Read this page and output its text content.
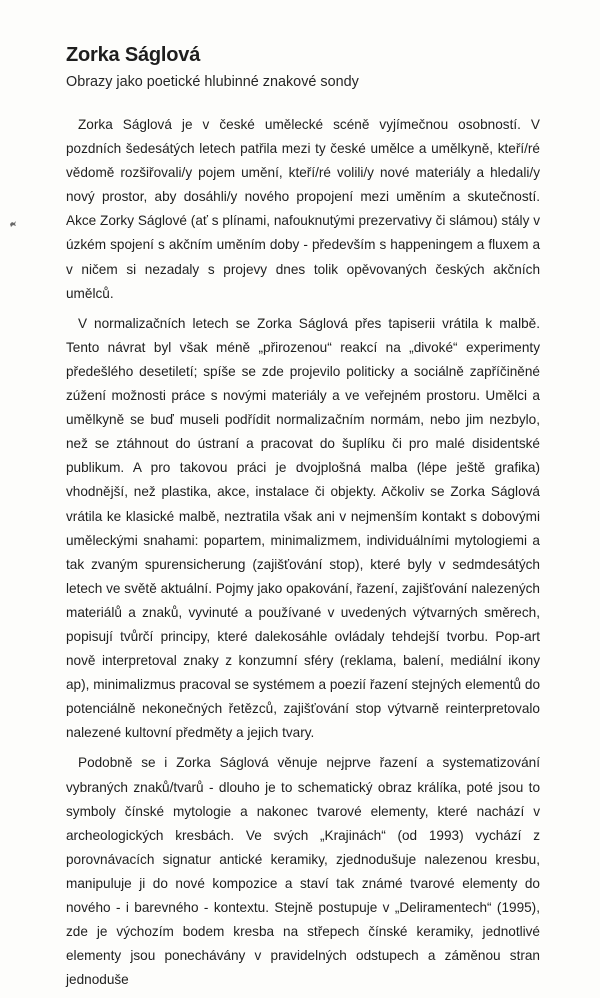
Zorka Ságlová

Obrazy jako poetické hlubinné znakové sondy

Zorka Ságlová je v české umělecké scéně vyjímečnou osobností. V pozdních šedesátých letech patřila mezi ty české umělce a umělkyně, kteří/ré vědomě rozšiřovali/y pojem umění, kteří/ré volili/y nové materiály a hledali/y nový prostor, aby dosáhli/y nového propojení mezi uměním a skutečností. Akce Zorky Ságlové (ať s plínami, nafouknutými prezervativy či slámou) stály v úzkém spojení s akčním uměním doby - především s happeningem a fluxem a v ničem si nezadaly s projevy dnes tolik opěvovaných českých akčních umělců.

V normalizačních letech se Zorka Ságlová přes tapiserii vrátila k malbě. Tento návrat byl však méně „přirozenou“ reakcí na „divoké“ experimenty předešlého desetiletí; spíše se zde projevilo politicky a sociálně zapříčiněné zúžení možnosti práce s novými materiály a ve veřejném prostoru. Umělci a umělkyně se buď museli podřídit normalizačním normám, nebo jim nezbylo, než se ztáhnout do ústraní a pracovat do šuplíku či pro malé disidentské publikum. A pro takovou práci je dvojplošná malba (lépe ještě grafika) vhodnější, než plastika, akce, instalace či objekty. Ačkoliv se Zorka Ságlová vrátila ke klasické malbě, neztratila však ani v nejmenším kontakt s dobovými uměleckými snahami: popartem, minimalizmem, individuálními mytologiemi a tak zvaným spurensicherung (zajišťování stop), které byly v sedmdesátých letech ve světě aktuální. Pojmy jako opakování, řazení, zajišťování nalezených materiálů a znaků, vyvinuté a používané v uvedených výtvarných směrech, popisují tvůrčí principy, které dalekosáhle ovládaly tehdejší tvorbu. Pop-art nově interpretoval znaky z konzumní sféry (reklama, balení, mediální ikony ap), minimalizmus pracoval se systémem a poezií řazení stejných elementů do potenciálně nekonečných řetězců, zajišťování stop výtvarně reinterpretovalo nalezené kultovní předměty a jejich tvary.

Podobně se i Zorka Ságlová věnuje nejprve řazení a systematizování vybraných znaků/tvarů - dlouho je to schematický obraz králíka, poté jsou to symboly čínské mytologie a nakonec tvarové elementy, které nachází v archeologických kresbách. Ve svých „Krajinách“ (od 1993) vychází z porovnávacích signatur antické keramiky, zjednodušuje nalezenou kresbu, manipuluje ji do nové kompozice a staví tak známé tvarové elementy do nového - i barevného - kontextu. Stejně postupuje v „Deliramentech“ (1995), zde je výchozím bodem kresba na střepech čínské keramiky, jednotlivé elementy jsou ponechávány v pravidelných odstupech a záměnou stran jednoduše
